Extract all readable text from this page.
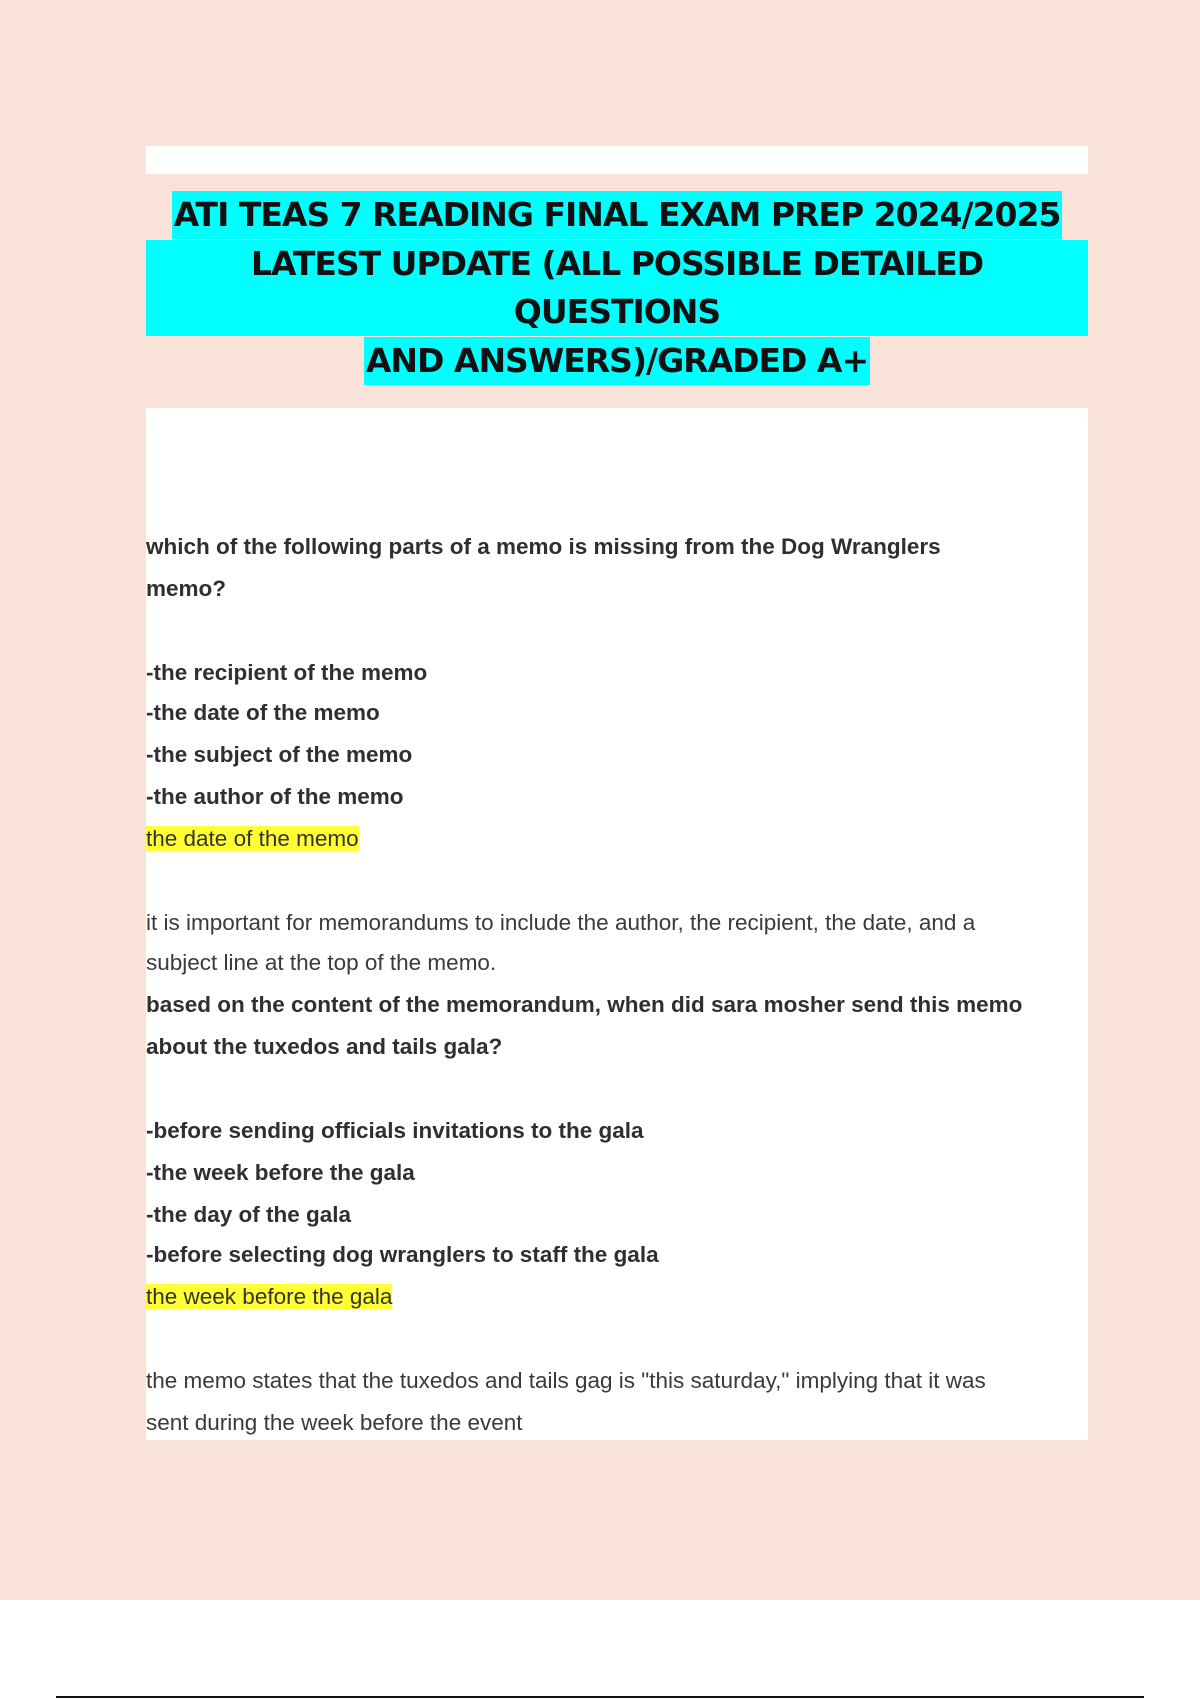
ATI TEAS 7 READING FINAL EXAM PREP 2024/2025
LATEST UPDATE (ALL POSSIBLE DETAILED QUESTIONS
AND ANSWERS)/GRADED A+
which of the following parts of a memo is missing from the Dog Wranglers
memo?
-the recipient of the memo
-the date of the memo
-the subject of the memo
-the author of the memo
the date of the memo
it is important for memorandums to include the author, the recipient, the date, and a
subject line at the top of the memo.
based on the content of the memorandum, when did sara mosher send this memo
about the tuxedos and tails gala?
-before sending officials invitations to the gala
-the week before the gala
-the day of the gala
-before selecting dog wranglers to staff the gala
the week before the gala
the memo states that the tuxedos and tails gag is "this saturday," implying that it was
sent during the week before the event
